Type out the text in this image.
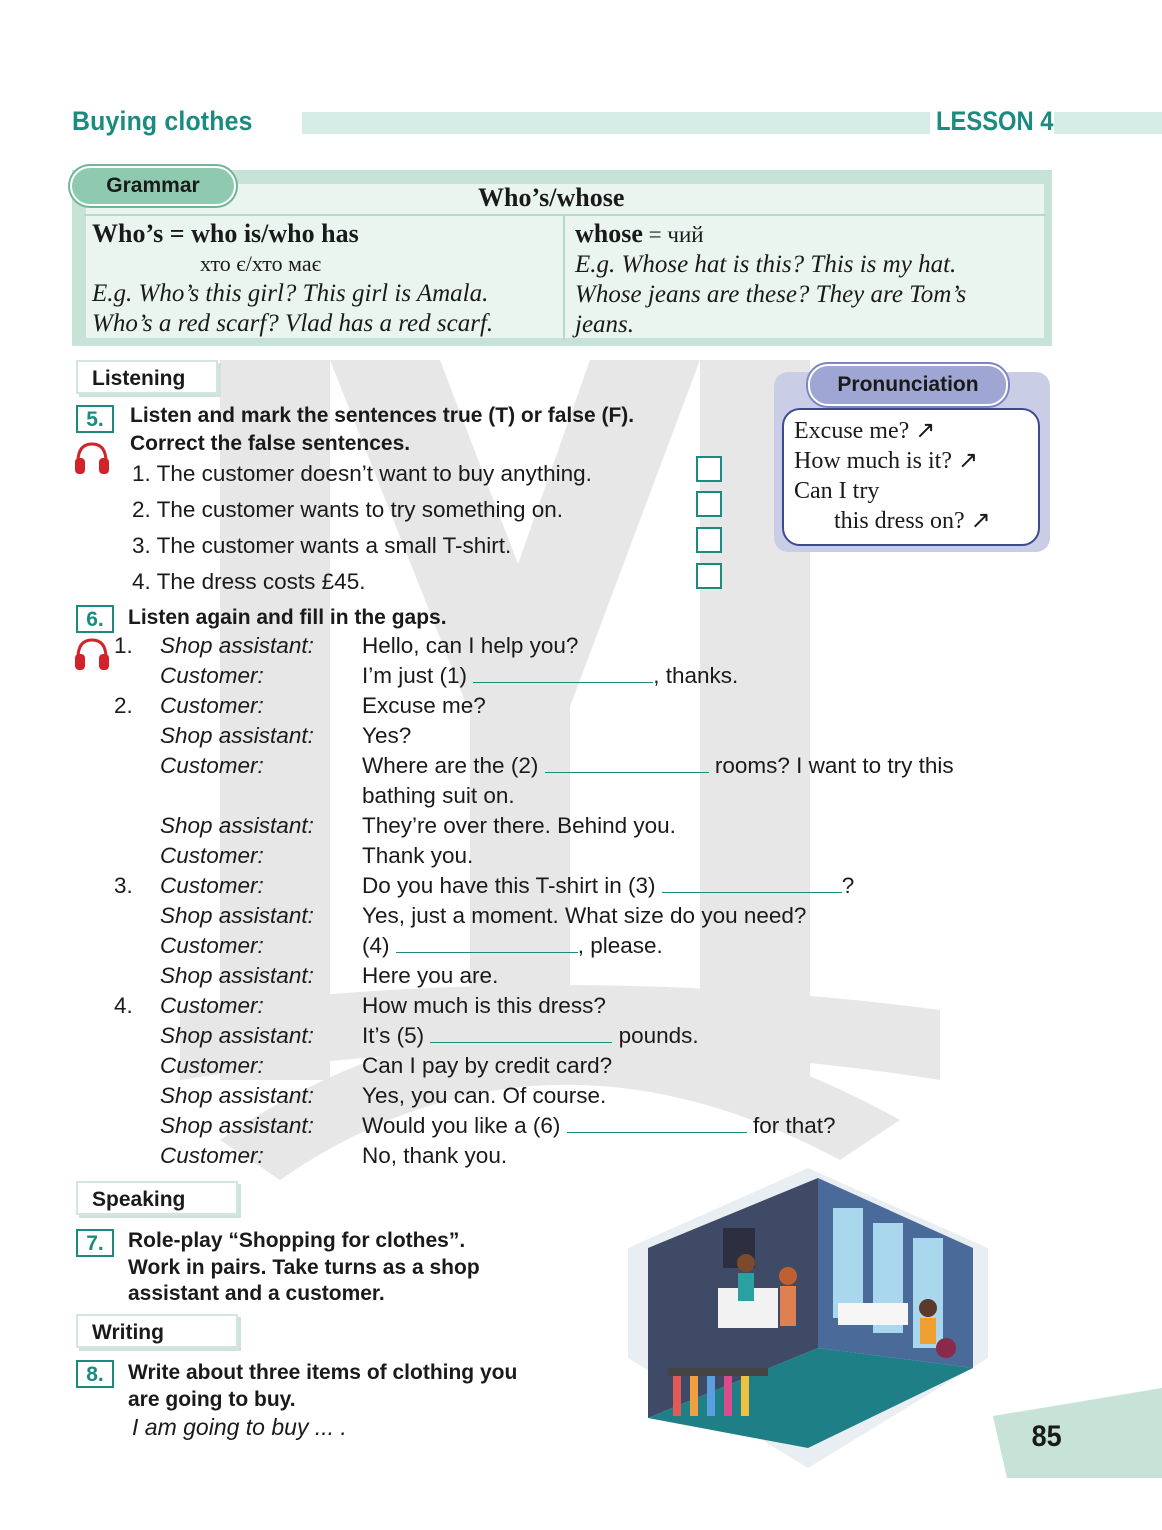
Buying clothes	LESSON 4
Grammar	Who’s/whose
Who’s = who is/who has
хто є/хто має
E.g. Who’s this girl? This girl is Amala.
Who’s a red scarf? Vlad has a red scarf.
whose = чий
E.g. Whose hat is this? This is my hat.
Whose jeans are these? They are Tom’s
jeans.
Listening
5.	Listen and mark the sentences true (T) or false (F).
Correct the false sentences.
1. The customer doesn’t want to buy anything.
2. The customer wants to try something on.
3. The customer wants a small T-shirt.
4. The dress costs £45.
Pronunciation
Excuse me? ↗
How much is it? ↗
Can I try
this dress on? ↗
6.	Listen again and fill in the gaps.
1. Shop assistant: Hello, can I help you?
Customer:	I’m just (1)	, thanks.
2. Customer:	Excuse me?
Shop assistant: Yes?
Customer:	Where are the (2)	rooms? I want to try this
bathing suit on.
Shop assistant: They’re over there. Behind you.
Customer:	Thank you.
3. Customer:	Do you have this T-shirt in (3)	?
Shop assistant: Yes, just a moment. What size do you need?
Customer:	(4)	, please.
Shop assistant: Here you are.
4. Customer:	How much is this dress?
Shop assistant: It’s (5)	pounds.
Customer:	Can I pay by credit card?
Shop assistant: Yes, you can. Of course.
Shop assistant: Would you like a (6)	for that?
Customer:	No, thank you.
Speaking
7.	Role-play “Shopping for clothes”.
Work in pairs. Take turns as a shop
assistant and a customer.
Writing
8.	Write about three items of clothing you
are going to buy.
I am going to buy ... .	85
